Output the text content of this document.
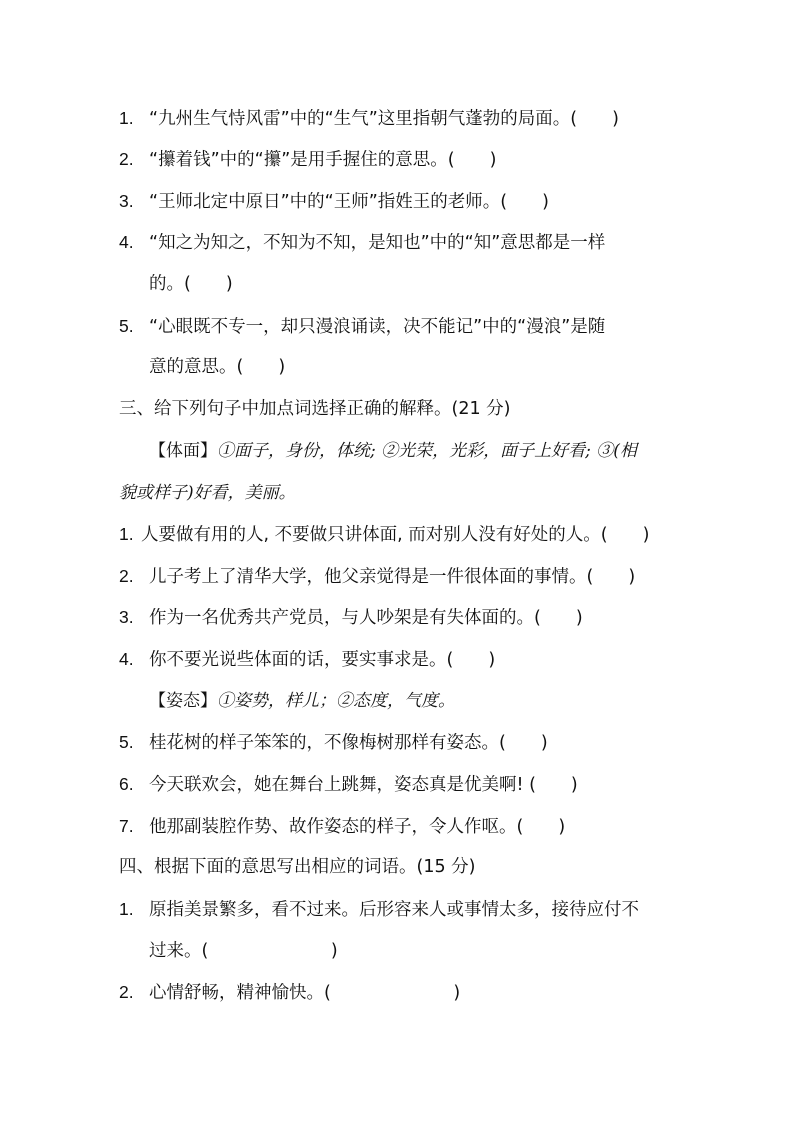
1. “九州生气恃风雷”中的“生气”这里指朝气蓬勃的局面。(　　)
2. “攥着钱”中的“攥”是用手握住的意思。(　　)
3. “王师北定中原日”中的“王师”指姓王的老师。(　　)
4. “知之为知之，不知为不知，是知也”中的“知”意思都是一样
的。(　　)
5. “心眼既不专一，却只漫浪诵读，决不能记”中的“漫浪”是随
意的意思。(　　)
三、给下列句子中加点词选择正确的解释。(21 分)
【体面】①面子，身份，体统; ②光荣，光彩，面子上好看; ③(相
貌或样子)好看，美丽。
1. 人要做有用的人, 不要做只讲体面, 而对别人没有好处的人。(　　)
2. 儿子考上了清华大学，他父亲觉得是一件很体面的事情。(　　)
3. 作为一名优秀共产党员，与人吵架是有失体面的。(　　)
4. 你不要光说些体面的话，要实事求是。(　　)
【姿态】①姿势，样儿；②态度，气度。
5. 桂花树的样子笨笨的，不像梅树那样有姿态。(　　)
6. 今天联欢会，她在舞台上跳舞，姿态真是优美啊! (　　)
7. 他那副装腔作势、故作姿态的样子，令人作呕。(　　)
四、根据下面的意思写出相应的词语。(15 分)
1. 原指美景繁多，看不过来。后形容来人或事情太多，接待应付不
过来。(　　　　　　　)
2. 心情舒畅，精神愉快。(　　　　　　　)
